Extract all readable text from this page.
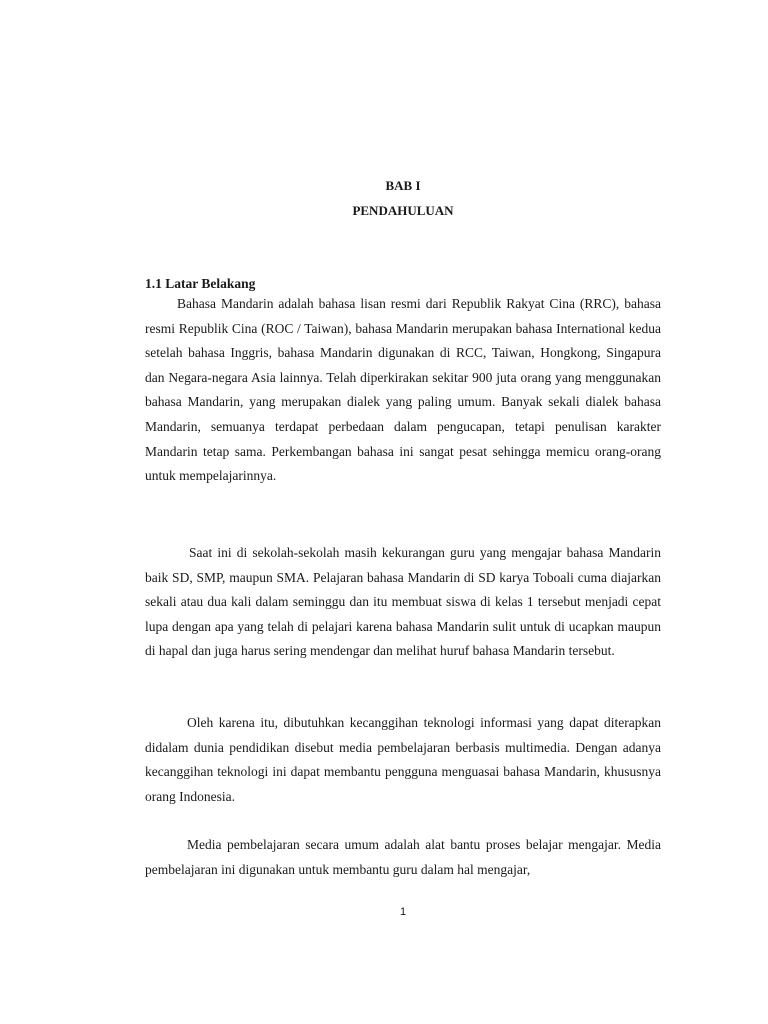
BAB I
PENDAHULUAN
1.1 Latar Belakang

Bahasa Mandarin adalah bahasa lisan resmi dari Republik Rakyat Cina (RRC), bahasa resmi Republik Cina (ROC / Taiwan), bahasa Mandarin merupakan bahasa International kedua setelah bahasa Inggris, bahasa Mandarin digunakan di RCC, Taiwan, Hongkong, Singapura dan Negara-negara Asia lainnya. Telah diperkirakan sekitar 900 juta orang yang menggunakan bahasa Mandarin, yang merupakan dialek yang paling umum. Banyak sekali dialek bahasa Mandarin, semuanya terdapat perbedaan dalam pengucapan, tetapi penulisan karakter Mandarin tetap sama. Perkembangan bahasa ini sangat pesat sehingga memicu orang-orang untuk mempelajarinnya.

Saat ini di sekolah-sekolah masih kekurangan guru yang mengajar bahasa Mandarin baik SD, SMP, maupun SMA. Pelajaran bahasa Mandarin di SD karya Toboali cuma diajarkan sekali atau dua kali dalam seminggu dan itu membuat siswa di kelas 1 tersebut menjadi cepat lupa dengan apa yang telah di pelajari karena bahasa Mandarin sulit untuk di ucapkan maupun di hapal dan juga harus sering mendengar dan melihat huruf bahasa Mandarin tersebut.

Oleh karena itu, dibutuhkan kecanggihan teknologi informasi yang dapat diterapkan didalam dunia pendidikan disebut media pembelajaran berbasis multimedia. Dengan adanya kecanggihan teknologi ini dapat membantu pengguna menguasai bahasa Mandarin, khususnya orang Indonesia.

Media pembelajaran secara umum adalah alat bantu proses belajar mengajar. Media pembelajaran ini digunakan untuk membantu guru dalam hal mengajar,

1
